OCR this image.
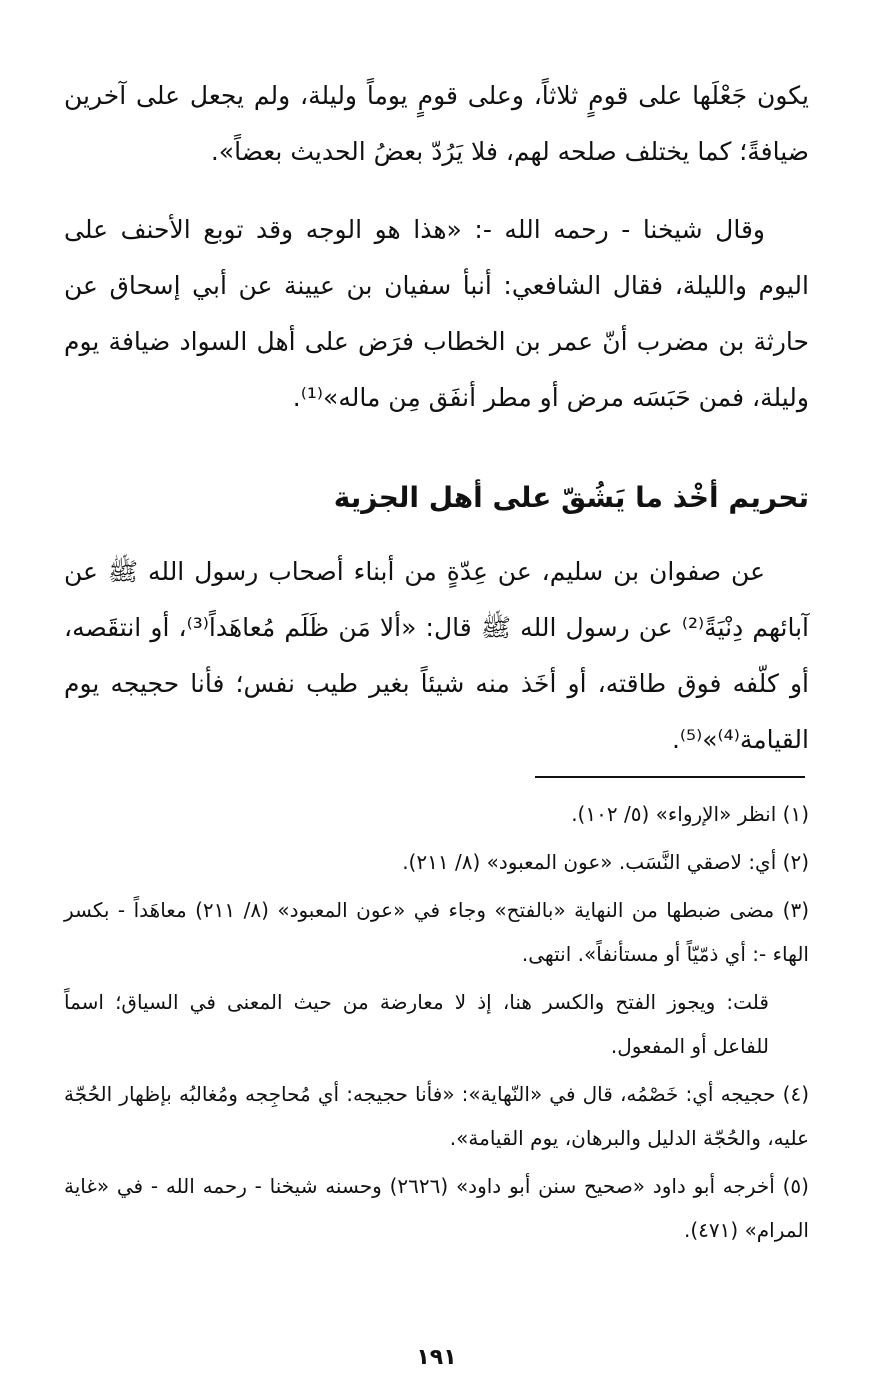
يكون جَعْلَها على قومٍ ثلاثاً، وعلى قومٍ يوماً وليلة، ولم يجعل على آخرين ضيافةً؛ كما يختلف صلحه لهم، فلا يَرُدّ بعضُ الحديث بعضاً».

وقال شيخنا - رحمه الله -: «هذا هو الوجه وقد توبع الأحنف على اليوم والليلة، فقال الشافعي: أنبأ سفيان بن عيينة عن أبي إسحاق عن حارثة بن مضرب أنّ عمر بن الخطاب فرَض على أهل السواد ضيافة يوم وليلة، فمن حَبَسَه مرض أو مطر أنفَق مِن ماله»⁽¹⁾.

تحريم أخْذ ما يَشُقّ على أهل الجزية

عن صفوان بن سليم، عن عِدّةٍ من أبناء أصحاب رسول الله ﷺ عن آبائهم دِنْيَةً⁽²⁾ عن رسول الله ﷺ قال: «ألا مَن ظَلَم مُعاهَداً⁽³⁾، أو انتقَصه، أو كلّفه فوق طاقته، أو أخَذ منه شيئاً بغير طيب نفس؛ فأنا حجيجه يوم القيامة⁽⁴⁾»⁽⁵⁾.

(١) انظر «الإرواء» (٥/ ١٠٢).

(٢) أي: لاصقي النَّسَب. «عون المعبود» (٨/ ٢١١).

(٣) مضى ضبطها من النهاية «بالفتح» وجاء في «عون المعبود» (٨/ ٢١١) معاهَداً - بكسر الهاء -: أي ذمّيّاً أو مستأنفاً». انتهى.

قلت: ويجوز الفتح والكسر هنا، إذ لا معارضة من حيث المعنى في السياق؛ اسماً للفاعل أو المفعول.

(٤) حجيجه أي: خَصْمُه، قال في «النّهاية»: «فأنا حجيجه: أي مُحاجِجه ومُغالبُه بإظهار الحُجّة عليه، والحُجّة الدليل والبرهان، يوم القيامة».

(٥) أخرجه أبو داود «صحيح سنن أبو داود» (٢٦٢٦) وحسنه شيخنا - رحمه الله - في «غاية المرام» (٤٧١).

١٩١
